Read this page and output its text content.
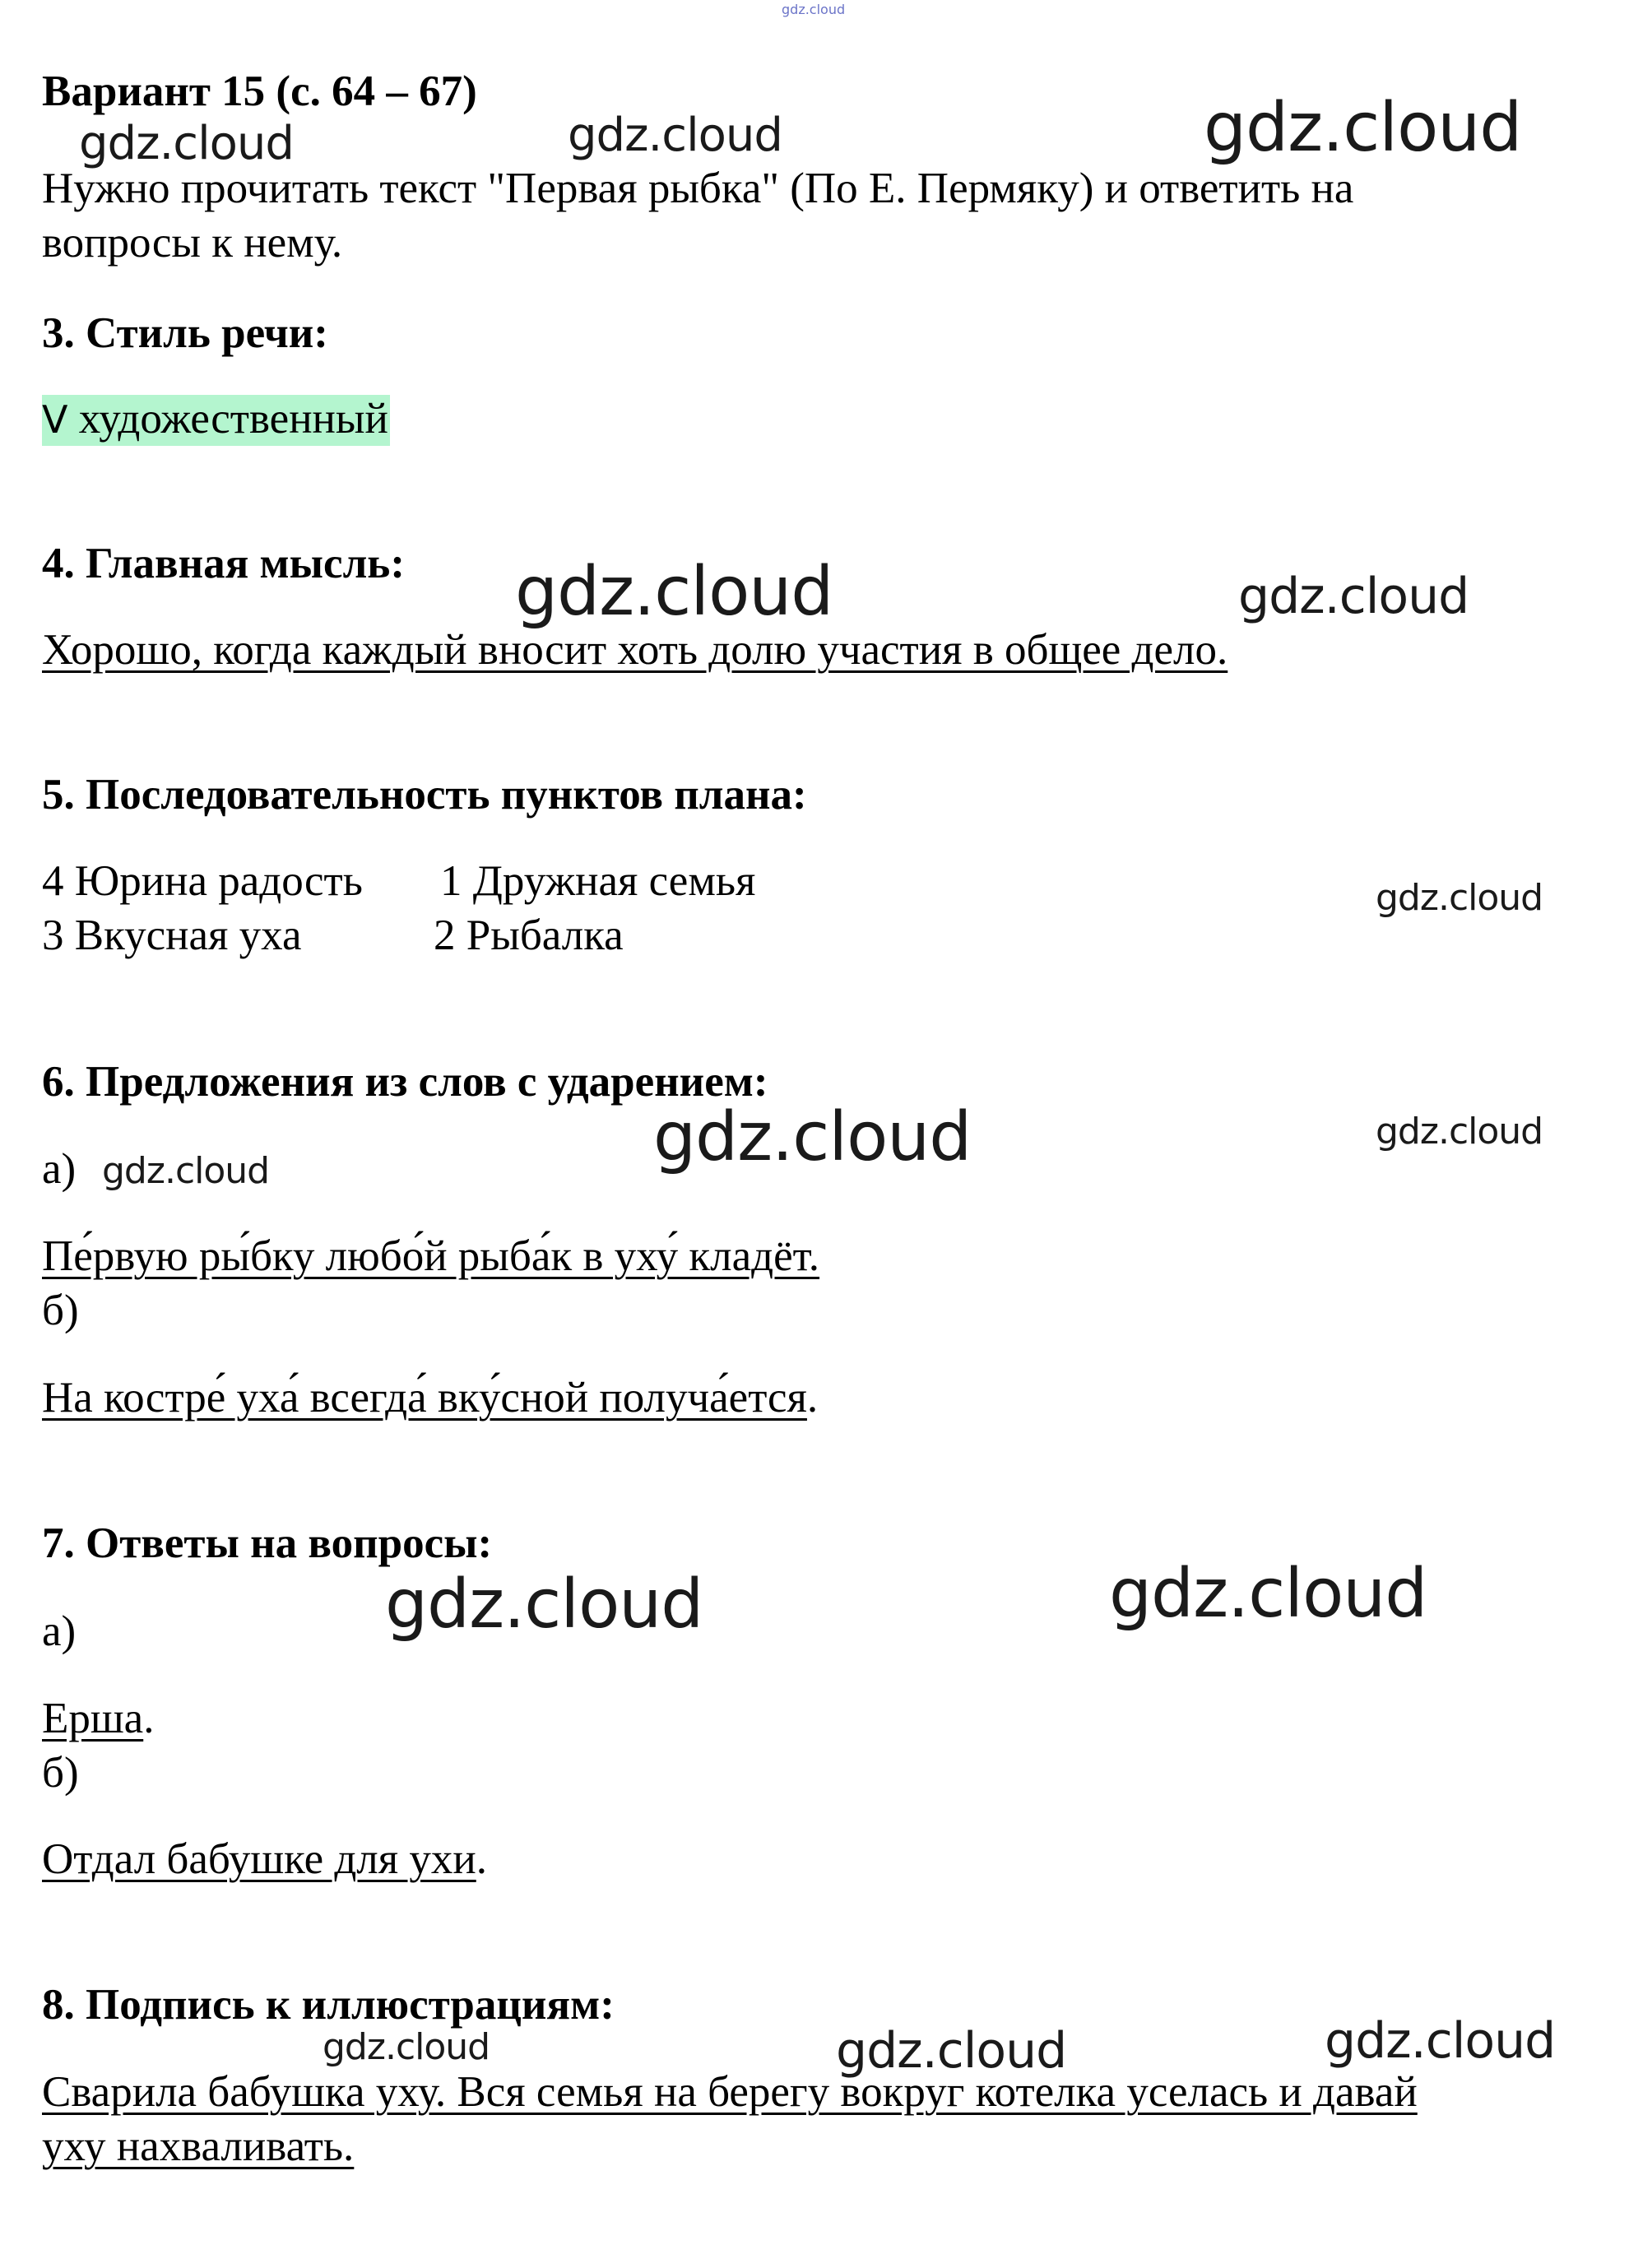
gdz.cloud
Вариант 15 (с. 64 – 67)
Нужно прочитать текст "Первая рыбка" (По Е. Пермяку) и ответить на
вопросы к нему.
3. Стиль речи:
V художественный
4. Главная мысль:
Хорошо, когда каждый вносит хоть долю участия в общее дело.
5. Последовательность пунктов плана:
4 Юрина радость 1 Дружная семья
3 Вкусная уха	2 Рыбалка
6. Предложения из слов с ударением:
а)
Пе́рвую ры́бку любо́й рыба́к в уху́ кладёт.
б)
На костре́ уха́ всегда́ вку́сной получа́ется.
7. Ответы на вопросы:
а)
Ерша.
б)
Отдал бабушке для ухи.
8. Подпись к иллюстрациям:
Сварила бабушка уху. Вся семья на берегу вокруг котелка уселась и давай
уху нахваливать.
gdz.cloud	gdz.cloud	gdz.cloud
gdz.cloud	gdz.cloud
gdz.cloud
gdz.cloud	gdz.cloud
gdz.cloud
gdz.cloud	gdz.cloud
gdz.cloud	gdz.cloud	gdz.cloud
